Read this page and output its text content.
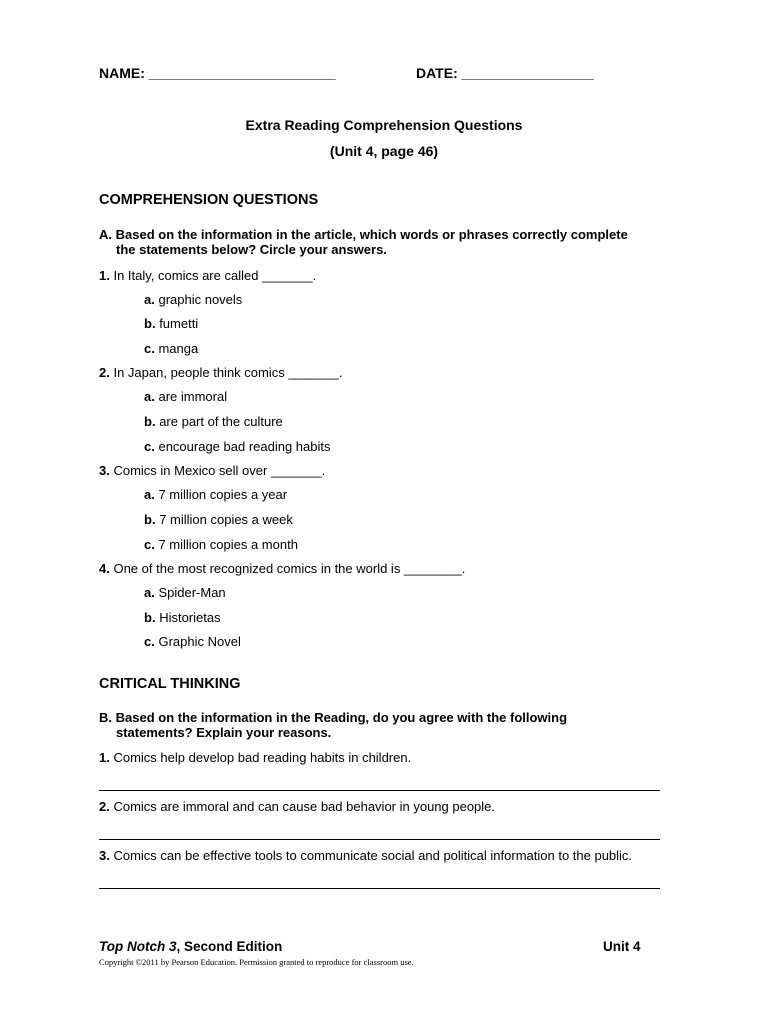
NAME: ________________________	DATE: _________________
Extra Reading Comprehension Questions
(Unit 4, page 46)
COMPREHENSION QUESTIONS
A. Based on the information in the article, which words or phrases correctly complete
the statements below? Circle your answers.
1. In Italy, comics are called _______.
a. graphic novels
b. fumetti
c. manga
2. In Japan, people think comics _______.
a. are immoral
b. are part of the culture
c. encourage bad reading habits
3. Comics in Mexico sell over _______.
a. 7 million copies a year
b. 7 million copies a week
c. 7 million copies a month
4. One of the most recognized comics in the world is ________.
a. Spider-Man
b. Historietas
c. Graphic Novel
CRITICAL THINKING
B. Based on the information in the Reading, do you agree with the following
statements? Explain your reasons.
1. Comics help develop bad reading habits in children.
2. Comics are immoral and can cause bad behavior in young people.
3. Comics can be effective tools to communicate social and political information to the public.
Top Notch 3, Second Edition	Unit 4
Copyright ©2011 by Pearson Education. Permission granted to reproduce for classroom use.
